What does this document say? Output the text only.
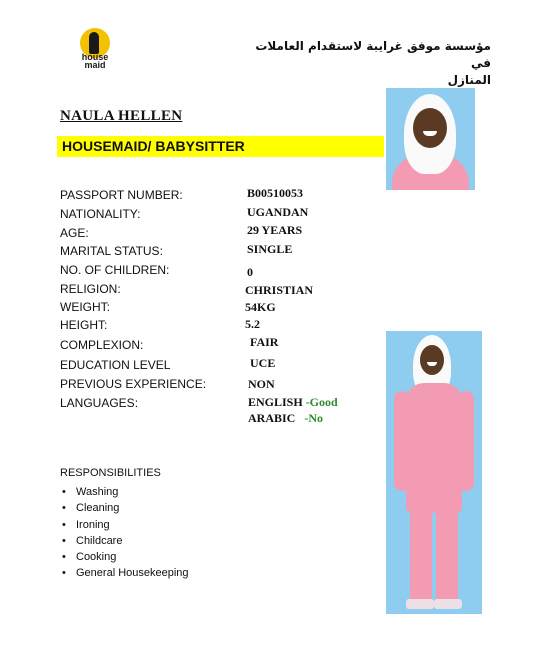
house maid
مؤسسة موفق غرايبة لاستقدام العاملات في
المنازل
NAULA HELLEN
HOUSEMAID/ BABYSITTER
PASSPORT NUMBER:	B00510053
NATIONALITY:	UGANDAN
AGE:	29 YEARS
MARITAL STATUS:	SINGLE
NO. OF CHILDREN:	0
RELIGION:	CHRISTIAN
WEIGHT:	54KG
HEIGHT:	5.2
COMPLEXION:	FAIR
EDUCATION LEVEL	UCE
PREVIOUS EXPERIENCE:	NON
LANGUAGES:	ENGLISH -Good
ARABIC -No
RESPONSIBILITIES
• Washing
• Cleaning
• Ironing
• Childcare
• Cooking
• General Housekeeping
